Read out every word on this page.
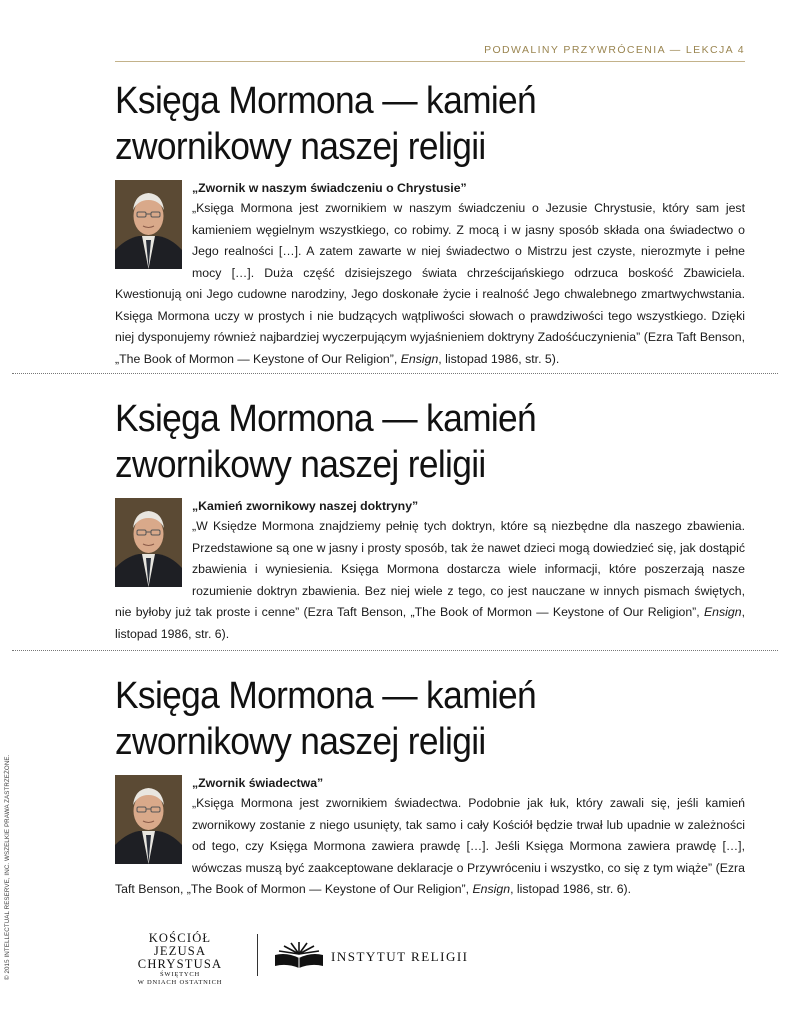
PODWALINY PRZYWRÓCENIA — LEKCJA 4
Księga Mormona — kamień
zwornikowy naszej religii
„Zwornik w naszym świadczeniu o Chrystusie”

„Księga Mormona jest zwornikiem w naszym świadczeniu o Jezusie Chrystusie, który sam jest kamieniem węgielnym wszystkiego, co robimy. Z mocą i w jasny sposób składa ona świadectwo o Jego realności […]. A zatem zawarte w niej świadectwo o Mistrzu jest czyste, nierozmyte i pełne mocy […]. Duża część dzisiejszego świata chrześcijańskiego odrzuca boskość Zbawiciela. Kwestionują oni Jego cudowne narodziny, Jego doskonałe życie i realność Jego chwalebnego zmartwychwstania. Księga Mormona uczy w prostych i nie budzących wątpliwości słowach o prawdziwości tego wszystkiego. Dzięki niej dysponujemy również najbardziej wyczerpującym wyjaśnieniem doktryny Zadośćuczynienia” (Ezra Taft Benson, „The Book of Mormon — Keystone of Our Religion”, Ensign, listopad 1986, str. 5).

Księga Mormona — kamień
zwornikowy naszej religii
„Kamień zwornikowy naszej doktryny”

„W Księdze Mormona znajdziemy pełnię tych doktryn, które są niezbędne dla naszego zbawienia. Przedstawione są one w jasny i prosty sposób, tak że nawet dzieci mogą dowiedzieć się, jak dostąpić zbawienia i wyniesienia. Księga Mormona dostarcza wiele informacji, które poszerzają nasze rozumienie doktryn zbawienia. Bez niej wiele z tego, co jest nauczane w innych pismach świętych, nie byłoby już tak proste i cenne” (Ezra Taft Benson, „The Book of Mormon — Keystone of Our Religion”, Ensign, listopad 1986, str. 6).

Księga Mormona — kamień
zwornikowy naszej religii
„Zwornik świadectwa”

„Księga Mormona jest zwornikiem świadectwa. Podobnie jak łuk, który zawali się, jeśli kamień zwornikowy zostanie z niego usunięty, tak samo i cały Kościół będzie trwał lub upadnie w zależności od tego, czy Księga Mormona zawiera prawdę […]. Jeśli Księga Mormona zawiera prawdę […], wówczas muszą być zaakceptowane deklaracje o Przywróceniu i wszystko, co się z tym wiąże” (Ezra Taft Benson, „The Book of Mormon — Keystone of Our Religion”, Ensign, listopad 1986, str. 6).

© 2015 INTELLECTUAL RESERVE, INC. WSZELKIE PRAWA ZASTRZEŻONE.	KOŚCIÓŁ
JEZUSA CHRYSTUSA
ŚWIĘTYCH
W DNIACH OSTATNICH
INSTYTUT RELIGII
